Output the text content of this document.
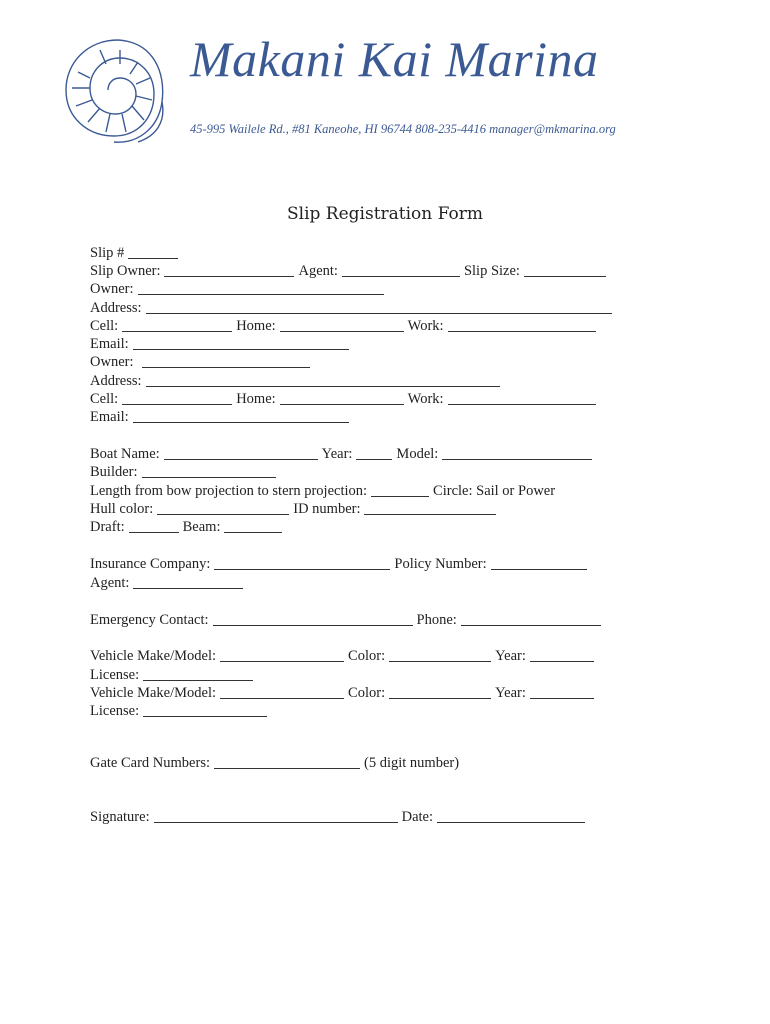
Makani Kai Marina
45-995 Wailele Rd., #81 Kaneohe, HI 96744 808-235-4416 manager@mkmarina.org
Slip Registration Form
Slip #
Slip Owner:	Agent:	Slip Size:
Owner:
Address:
Cell:	Home:	Work:
Email:
Owner:
Address:
Cell:	Home:	Work:
Email:
Boat Name:	Year:	Model:
Builder:
Length from bow projection to stern projection:	Circle: Sail or Power
Hull color:	ID number:
Draft:	Beam:
Insurance Company:	Policy Number:
Agent:
Emergency Contact:	Phone:
Vehicle Make/Model:	Color:	Year:
License:
Vehicle Make/Model:	Color:	Year:
License:
Gate Card Numbers:	(5 digit number)
Signature:	Date:
